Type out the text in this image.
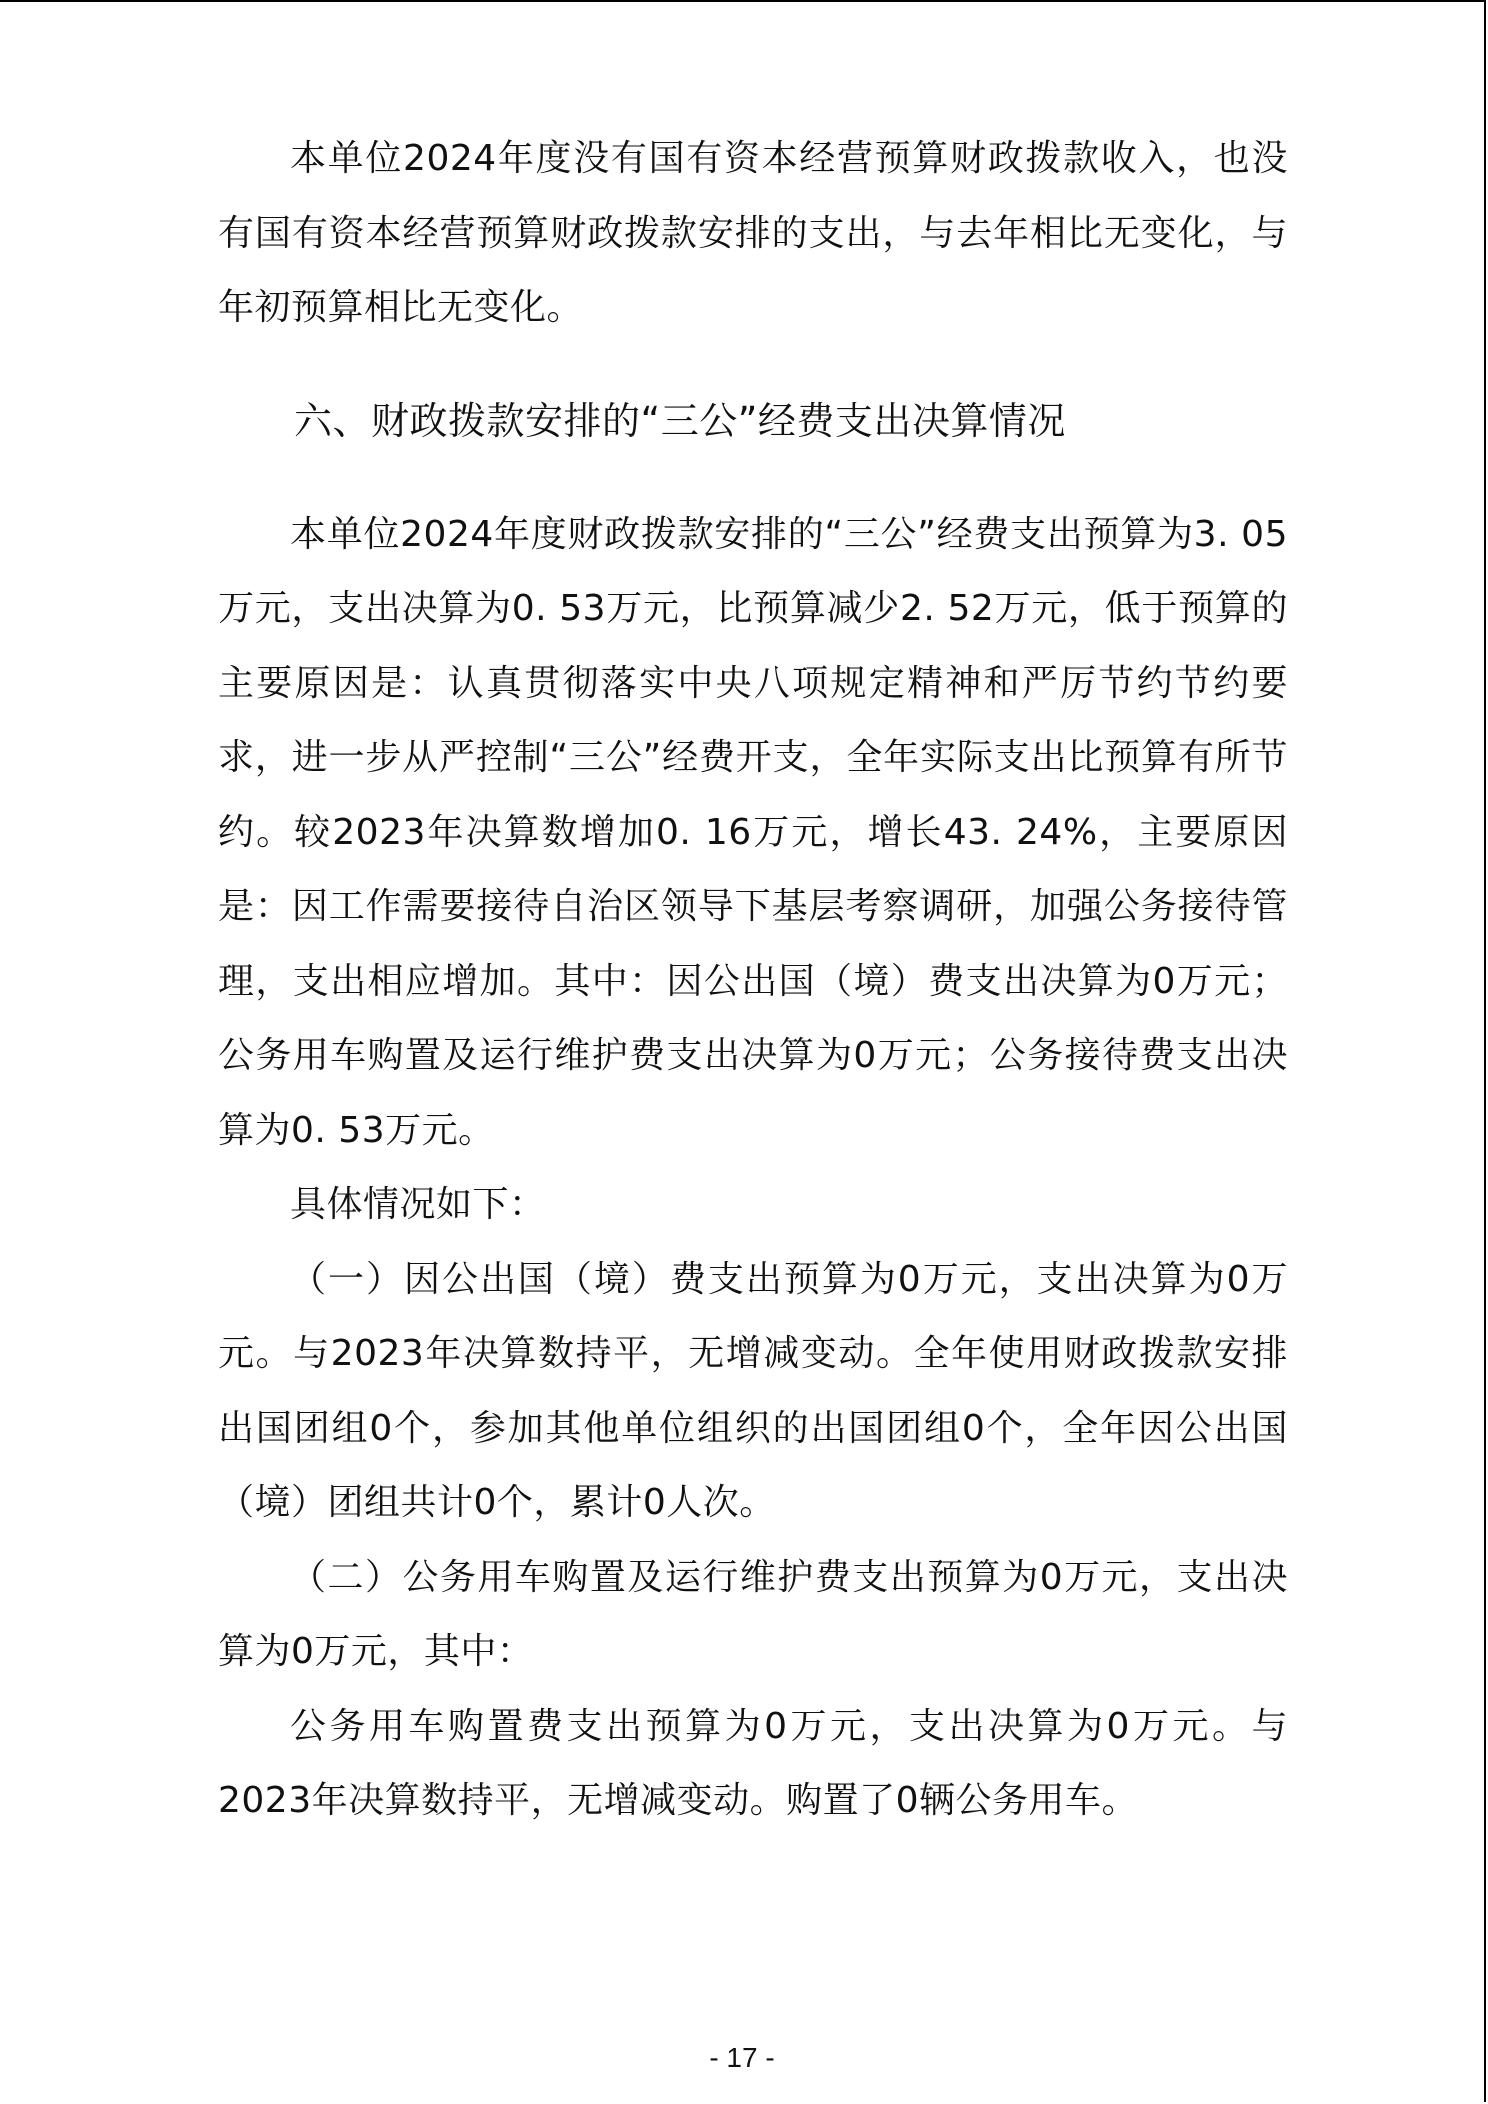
本单位2024年度没有国有资本经营预算财政拨款收入，也没有国有资本经营预算财政拨款安排的支出，与去年相比无变化，与年初预算相比无变化。

六、财政拨款安排的“三公”经费支出决算情况

本单位2024年度财政拨款安排的“三公”经费支出预算为3. 05万元，支出决算为0. 53万元，比预算减少2. 52万元，低于预算的主要原因是：认真贯彻落实中央八项规定精神和严厉节约节约要求，进一步从严控制“三公”经费开支，全年实际支出比预算有所节约。较2023年决算数增加0. 16万元，增长43. 24%，主要原因是：因工作需要接待自治区领导下基层考察调研，加强公务接待管理，支出相应增加。其中：因公出国（境）费支出决算为0万元；公务用车购置及运行维护费支出决算为0万元；公务接待费支出决算为0. 53万元。

具体情况如下：

（一）因公出国（境）费支出预算为0万元，支出决算为0万元。与2023年决算数持平，无增减变动。全年使用财政拨款安排出国团组0个，参加其他单位组织的出国团组0个，全年因公出国（境）团组共计0个，累计0人次。

（二）公务用车购置及运行维护费支出预算为0万元，支出决算为0万元，其中：

公务用车购置费支出预算为0万元，支出决算为0万元。与2023年决算数持平，无增减变动。购置了0辆公务用车。

- 17 -
